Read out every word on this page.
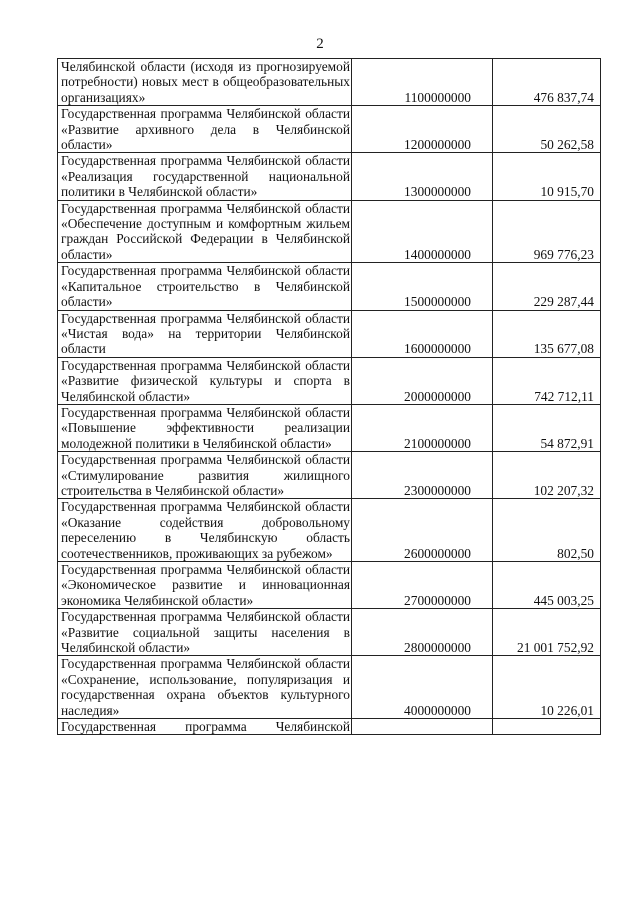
2
Челябинской области (исходя из прогнозируемой потребности) новых мест в общеобразовательных организациях»	1100000000	476 837,74
Государственная программа Челябинской области «Развитие архивного дела в Челябинской области»	1200000000	50 262,58
Государственная программа Челябинской области «Реализация государственной национальной политики в Челябинской области»	1300000000	10 915,70
Государственная программа Челябинской области «Обеспечение доступным и комфортным жильем граждан Российской Федерации в Челябинской области»	1400000000	969 776,23
Государственная программа Челябинской области «Капитальное строительство в Челябинской области»	1500000000	229 287,44
Государственная программа Челябинской области «Чистая вода» на территории Челябинской области	1600000000	135 677,08
Государственная программа Челябинской области «Развитие физической культуры и спорта в Челябинской области»	2000000000	742 712,11
Государственная программа Челябинской области «Повышение эффективности реализации молодежной политики в Челябинской области»	2100000000	54 872,91
Государственная программа Челябинской области «Стимулирование развития жилищного строительства в Челябинской области»	2300000000	102 207,32
Государственная программа Челябинской области «Оказание содействия добровольному переселению в Челябинскую область соотечественников, проживающих за рубежом»	2600000000	802,50
Государственная программа Челябинской области «Экономическое развитие и инновационная экономика Челябинской области»	2700000000	445 003,25
Государственная программа Челябинской области «Развитие социальной защиты населения в Челябинской области»	2800000000	21 001 752,92
Государственная программа Челябинской области «Сохранение, использование, популяризация и государственная охрана объектов культурного наследия»	4000000000	10 226,01
Государственная программа Челябинской		
